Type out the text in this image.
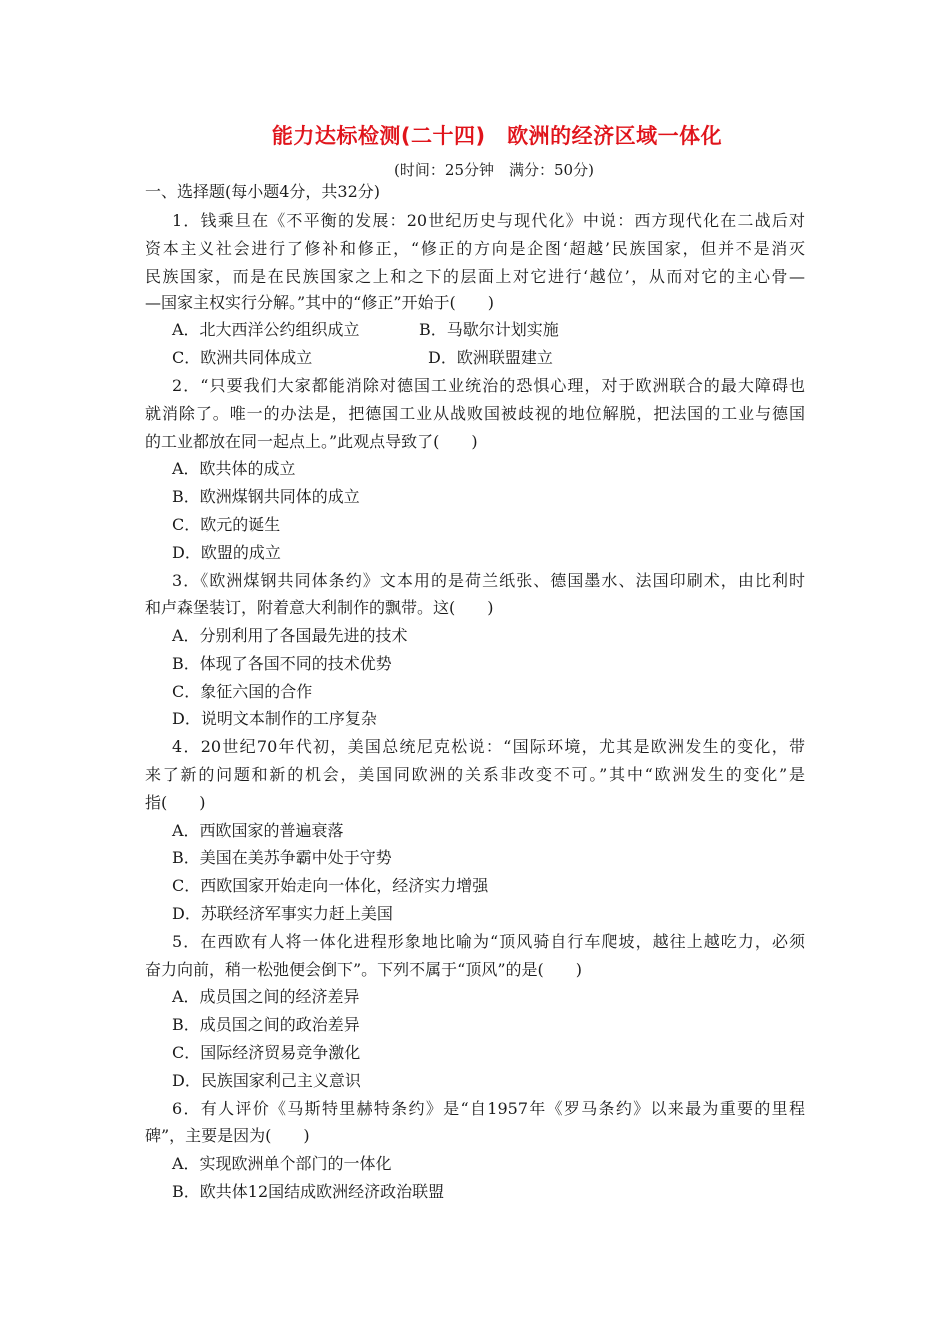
能力达标检测(二十四)　欧洲的经济区域一体化
(时间：25分钟　满分：50分)
一、选择题(每小题4分，共32分)
1．钱乘旦在《不平衡的发展：20世纪历史与现代化》中说：西方现代化在二战后对
资本主义社会进行了修补和修正，“修正的方向是企图‘超越’民族国家，但并不是消灭
民族国家，而是在民族国家之上和之下的层面上对它进行‘越位’，从而对它的主心骨—
—国家主权实行分解。”其中的“修正”开始于(　　)
A．北大西洋公约组织成立	B．马歇尔计划实施
C．欧洲共同体成立	D．欧洲联盟建立
2．“只要我们大家都能消除对德国工业统治的恐惧心理，对于欧洲联合的最大障碍也
就消除了。唯一的办法是，把德国工业从战败国被歧视的地位解脱，把法国的工业与德国
的工业都放在同一起点上。”此观点导致了(　　)
A．欧共体的成立
B．欧洲煤钢共同体的成立
C．欧元的诞生
D．欧盟的成立
3．《欧洲煤钢共同体条约》文本用的是荷兰纸张、德国墨水、法国印刷术，由比利时
和卢森堡装订，附着意大利制作的飘带。这(　　)
A．分别利用了各国最先进的技术
B．体现了各国不同的技术优势
C．象征六国的合作
D．说明文本制作的工序复杂
4．20世纪70年代初，美国总统尼克松说：“国际环境，尤其是欧洲发生的变化，带
来了新的问题和新的机会，美国同欧洲的关系非改变不可。”其中“欧洲发生的变化”是
指(　　)
A．西欧国家的普遍衰落
B．美国在美苏争霸中处于守势
C．西欧国家开始走向一体化，经济实力增强
D．苏联经济军事实力赶上美国
5．在西欧有人将一体化进程形象地比喻为“顶风骑自行车爬坡，越往上越吃力，必须
奋力向前，稍一松弛便会倒下”。下列不属于“顶风”的是(　　)
A．成员国之间的经济差异
B．成员国之间的政治差异
C．国际经济贸易竞争激化
D．民族国家利己主义意识
6．有人评价《马斯特里赫特条约》是“自1957年《罗马条约》以来最为重要的里程
碑”，主要是因为(　　)
A．实现欧洲单个部门的一体化
B．欧共体12国结成欧洲经济政治联盟
